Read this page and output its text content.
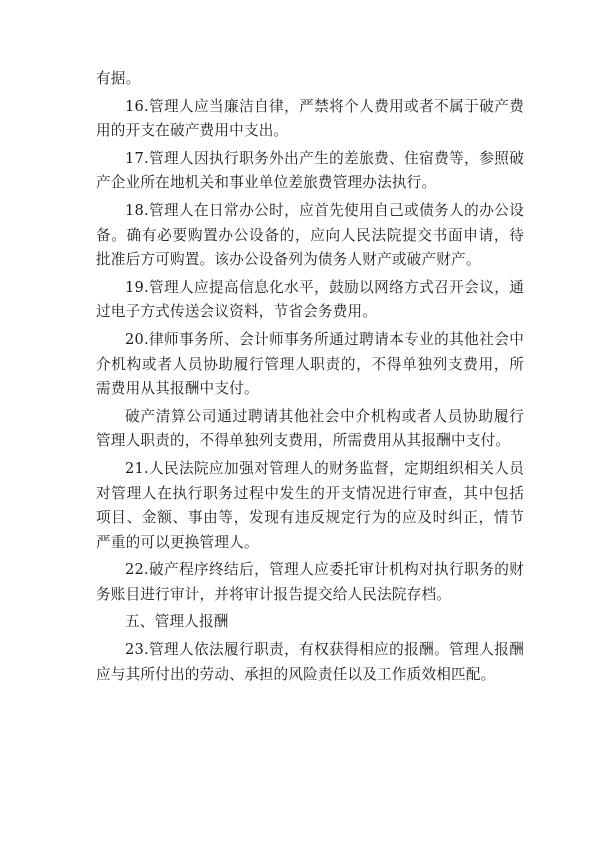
有据。

16.管理人应当廉洁自律，严禁将个人费用或者不属于破产费用的开支在破产费用中支出。

17.管理人因执行职务外出产生的差旅费、住宿费等，参照破产企业所在地机关和事业单位差旅费管理办法执行。

18.管理人在日常办公时，应首先使用自己或债务人的办公设备。确有必要购置办公设备的，应向人民法院提交书面申请，待批准后方可购置。该办公设备列为债务人财产或破产财产。

19.管理人应提高信息化水平，鼓励以网络方式召开会议，通过电子方式传送会议资料，节省会务费用。

20.律师事务所、会计师事务所通过聘请本专业的其他社会中介机构或者人员协助履行管理人职责的，不得单独列支费用，所需费用从其报酬中支付。

破产清算公司通过聘请其他社会中介机构或者人员协助履行管理人职责的，不得单独列支费用，所需费用从其报酬中支付。

21.人民法院应加强对管理人的财务监督，定期组织相关人员对管理人在执行职务过程中发生的开支情况进行审查，其中包括项目、金额、事由等，发现有违反规定行为的应及时纠正，情节严重的可以更换管理人。

22.破产程序终结后，管理人应委托审计机构对执行职务的财务账目进行审计，并将审计报告提交给人民法院存档。

五、管理人报酬

23.管理人依法履行职责，有权获得相应的报酬。管理人报酬应与其所付出的劳动、承担的风险责任以及工作质效相匹配。
